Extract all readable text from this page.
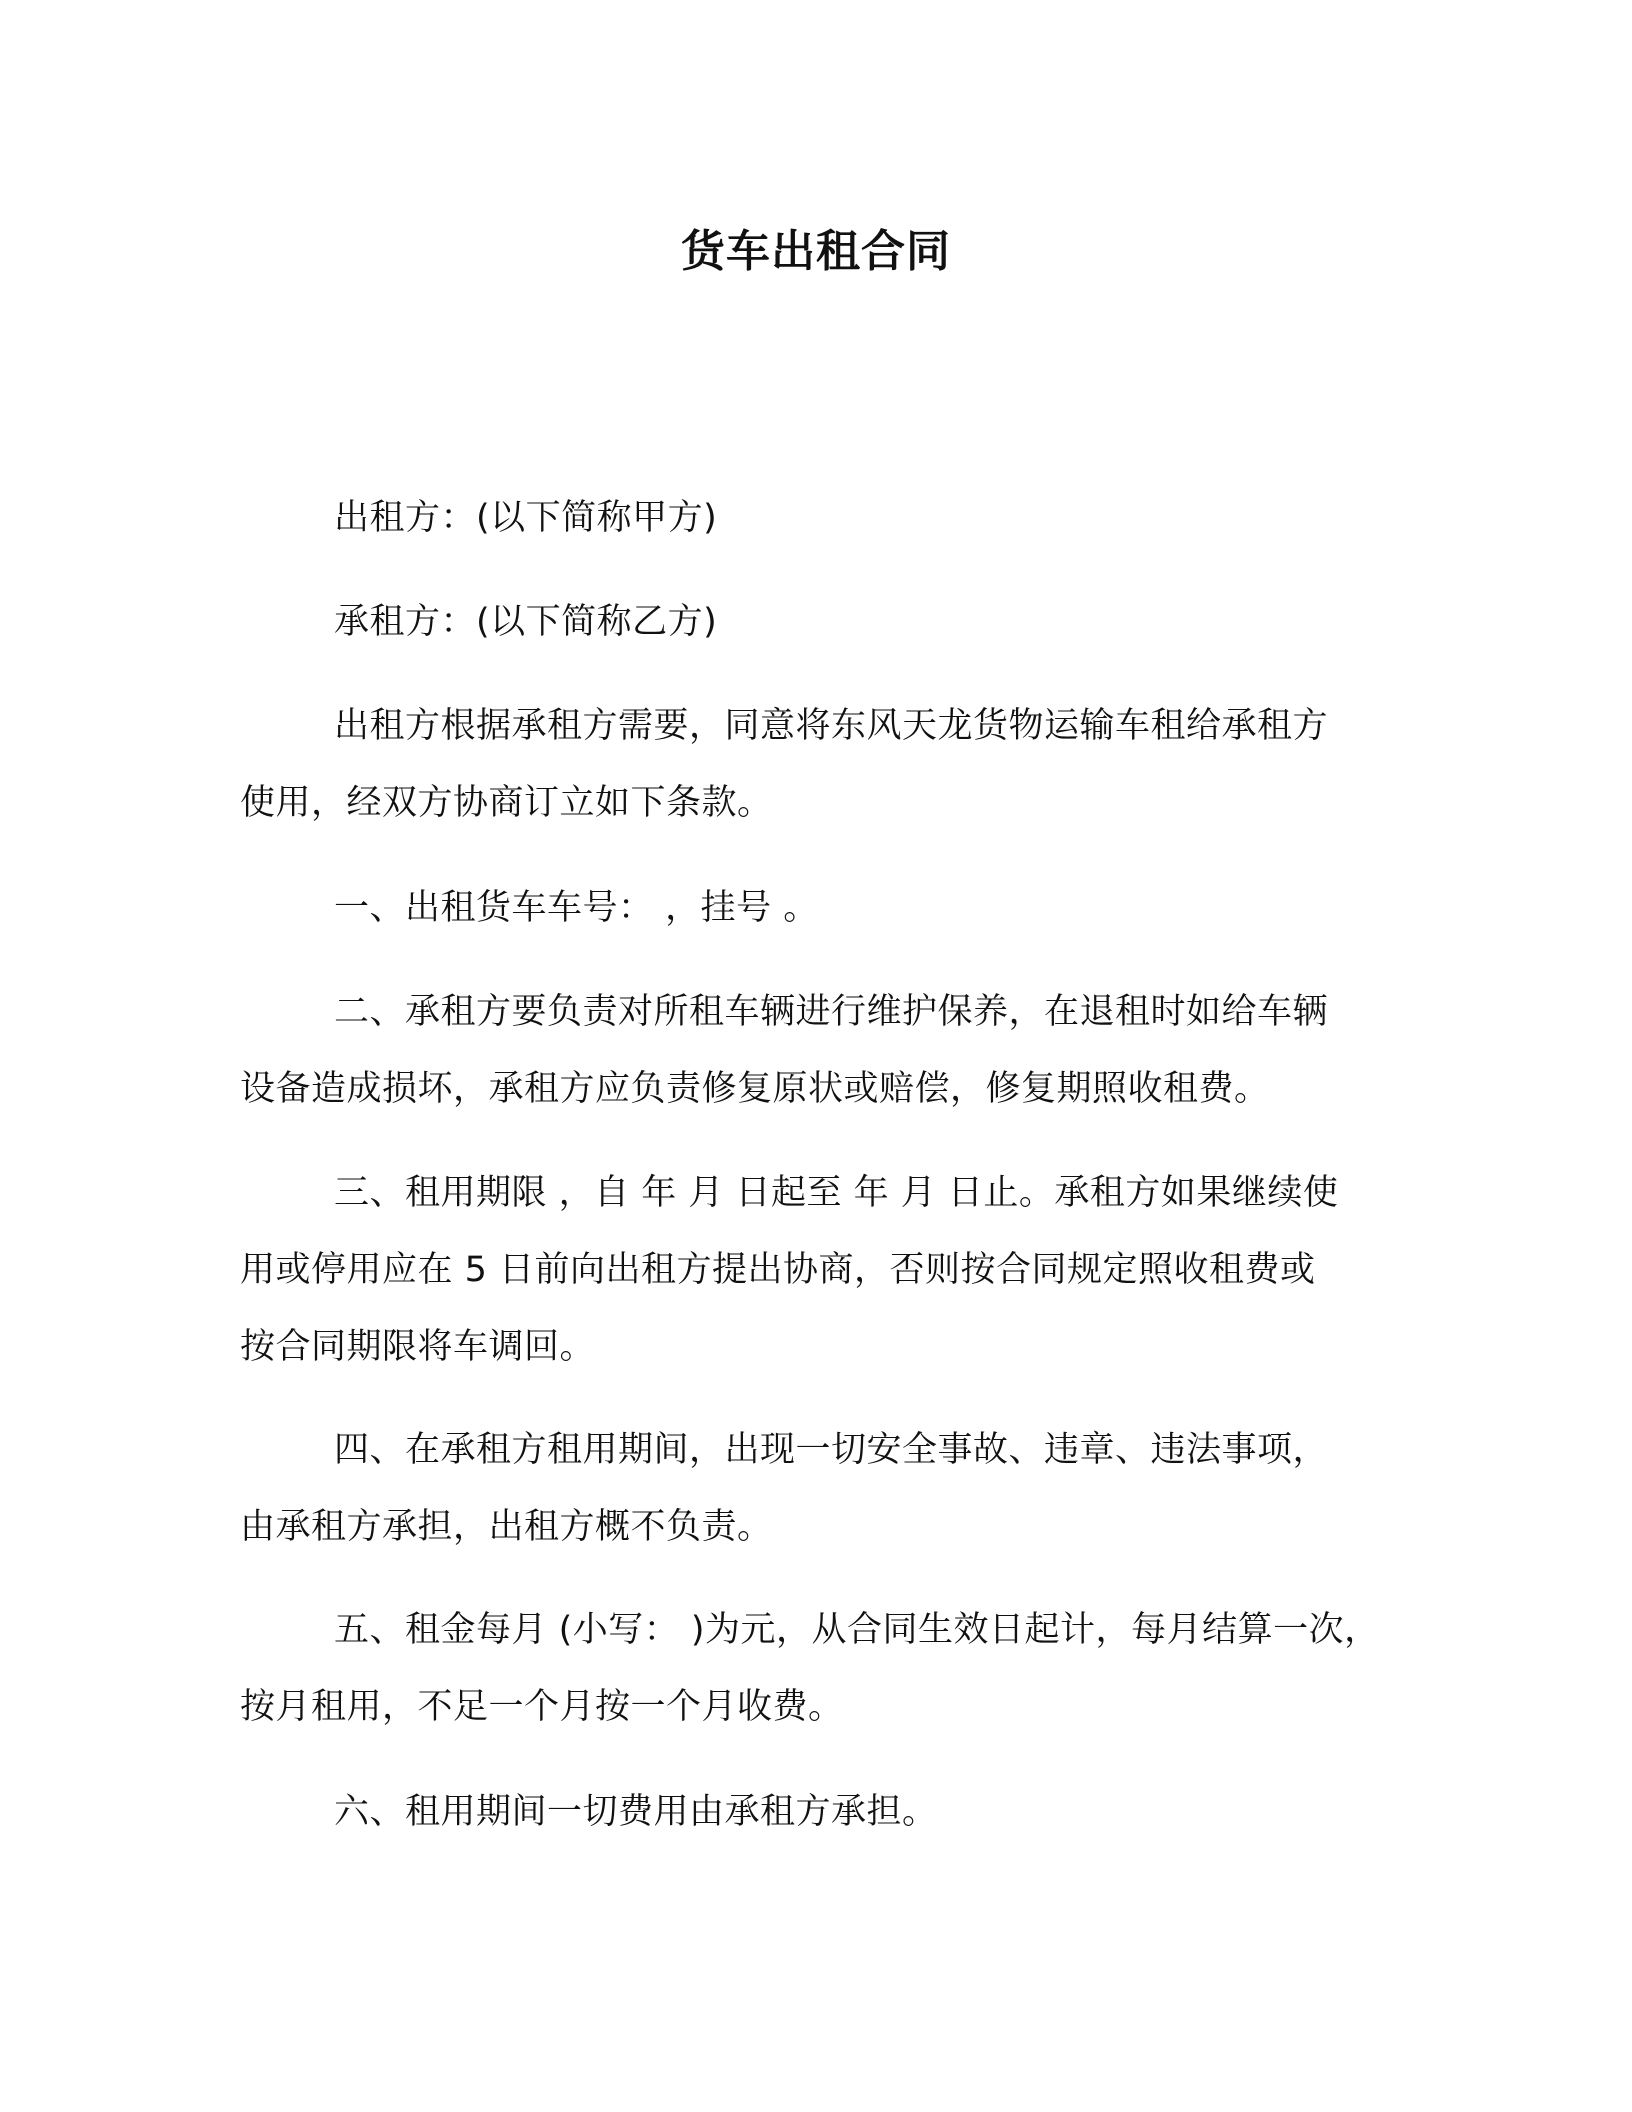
货车出租合同
出租方：(以下简称甲方)
承租方：(以下简称乙方)
出租方根据承租方需要，同意将东风天龙货物运输车租给承租方
使用，经双方协商订立如下条款。
一、出租货车车号： ，挂号 。
二、承租方要负责对所租车辆进行维护保养，在退租时如给车辆
设备造成损坏，承租方应负责修复原状或赔偿，修复期照收租费。
三、租用期限 ，自 年 月 日起至 年 月 日止。承租方如果继续使
用或停用应在 5 日前向出租方提出协商，否则按合同规定照收租费或
按合同期限将车调回。
四、在承租方租用期间，出现一切安全事故、违章、违法事项，
由承租方承担，出租方概不负责。
五、租金每月 (小写： )为元，从合同生效日起计，每月结算一次，
按月租用，不足一个月按一个月收费。
六、租用期间一切费用由承租方承担。
